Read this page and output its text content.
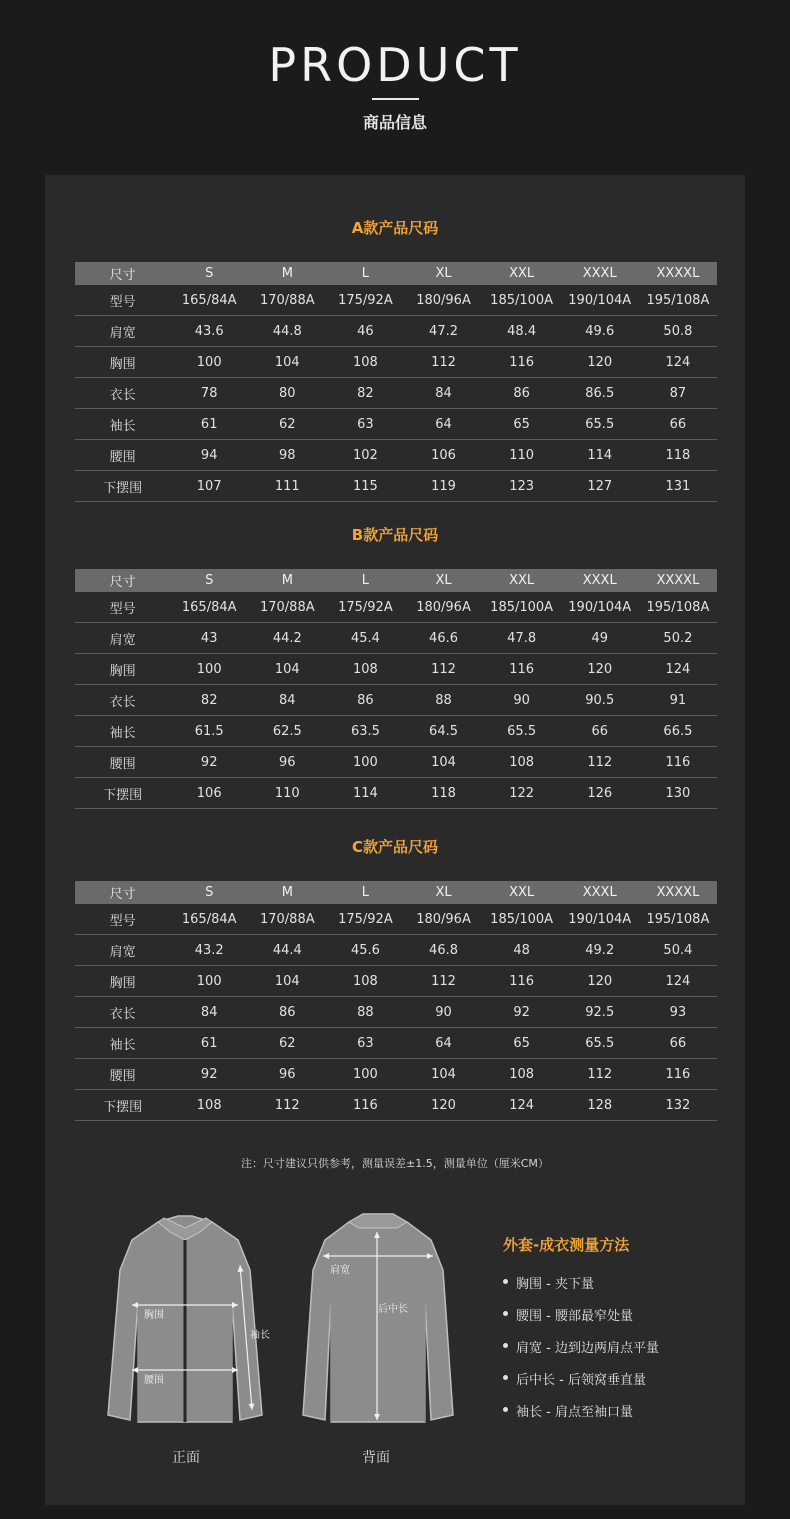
PRODUCT
商品信息
A款产品尺码
尺寸	S	M	L	XL	XXL	XXXL	XXXXL
型号	165/84A	170/88A	175/92A	180/96A	185/100A	190/104A	195/108A
肩宽	43.6	44.8	46	47.2	48.4	49.6	50.8
胸围	100	104	108	112	116	120	124
衣长	78	80	82	84	86	86.5	87
袖长	61	62	63	64	65	65.5	66
腰围	94	98	102	106	110	114	118
下摆围	107	111	115	119	123	127	131
B款产品尺码
尺寸	S	M	L	XL	XXL	XXXL	XXXXL
型号	165/84A	170/88A	175/92A	180/96A	185/100A	190/104A	195/108A
肩宽	43	44.2	45.4	46.6	47.8	49	50.2
胸围	100	104	108	112	116	120	124
衣长	82	84	86	88	90	90.5	91
袖长	61.5	62.5	63.5	64.5	65.5	66	66.5
腰围	92	96	100	104	108	112	116
下摆围	106	110	114	118	122	126	130
C款产品尺码
尺寸	S	M	L	XL	XXL	XXXL	XXXXL
型号	165/84A	170/88A	175/92A	180/96A	185/100A	190/104A	195/108A
肩宽	43.2	44.4	45.6	46.8	48	49.2	50.4
胸围	100	104	108	112	116	120	124
衣长	84	86	88	90	92	92.5	93
袖长	61	62	63	64	65	65.5	66
腰围	92	96	100	104	108	112	116
下摆围	108	112	116	120	124	128	132
注：尺寸建议只供参考，测量误差±1.5，测量单位（厘米CM）
胸围
腰围
袖长
正面
肩宽
后中长
背面
外套-成衣测量方法
胸围 - 夹下量
腰围 - 腰部最窄处量
肩宽 - 边到边两肩点平量
后中长 - 后领窝垂直量
袖长 - 肩点至袖口量
